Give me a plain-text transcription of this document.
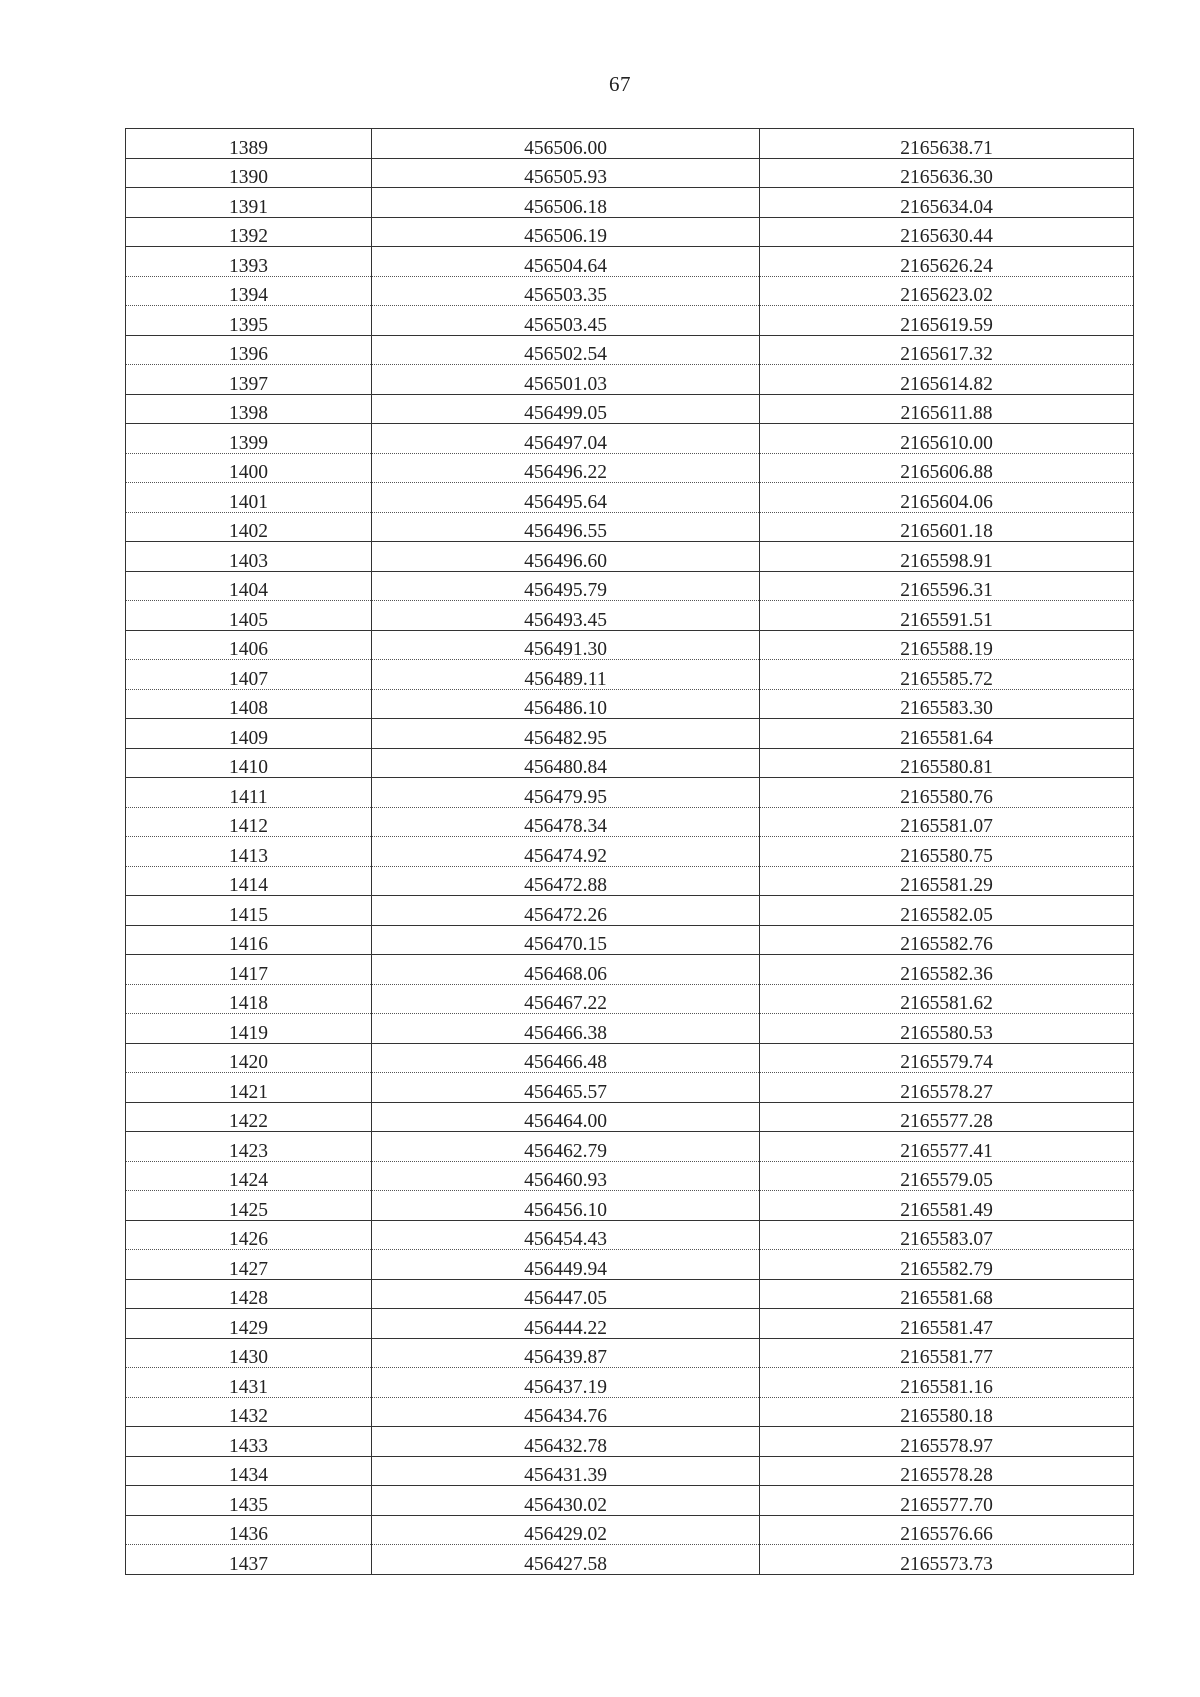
67
1389	456506.00	2165638.71
1390	456505.93	2165636.30
1391	456506.18	2165634.04
1392	456506.19	2165630.44
1393	456504.64	2165626.24
1394	456503.35	2165623.02
1395	456503.45	2165619.59
1396	456502.54	2165617.32
1397	456501.03	2165614.82
1398	456499.05	2165611.88
1399	456497.04	2165610.00
1400	456496.22	2165606.88
1401	456495.64	2165604.06
1402	456496.55	2165601.18
1403	456496.60	2165598.91
1404	456495.79	2165596.31
1405	456493.45	2165591.51
1406	456491.30	2165588.19
1407	456489.11	2165585.72
1408	456486.10	2165583.30
1409	456482.95	2165581.64
1410	456480.84	2165580.81
1411	456479.95	2165580.76
1412	456478.34	2165581.07
1413	456474.92	2165580.75
1414	456472.88	2165581.29
1415	456472.26	2165582.05
1416	456470.15	2165582.76
1417	456468.06	2165582.36
1418	456467.22	2165581.62
1419	456466.38	2165580.53
1420	456466.48	2165579.74
1421	456465.57	2165578.27
1422	456464.00	2165577.28
1423	456462.79	2165577.41
1424	456460.93	2165579.05
1425	456456.10	2165581.49
1426	456454.43	2165583.07
1427	456449.94	2165582.79
1428	456447.05	2165581.68
1429	456444.22	2165581.47
1430	456439.87	2165581.77
1431	456437.19	2165581.16
1432	456434.76	2165580.18
1433	456432.78	2165578.97
1434	456431.39	2165578.28
1435	456430.02	2165577.70
1436	456429.02	2165576.66
1437	456427.58	2165573.73
